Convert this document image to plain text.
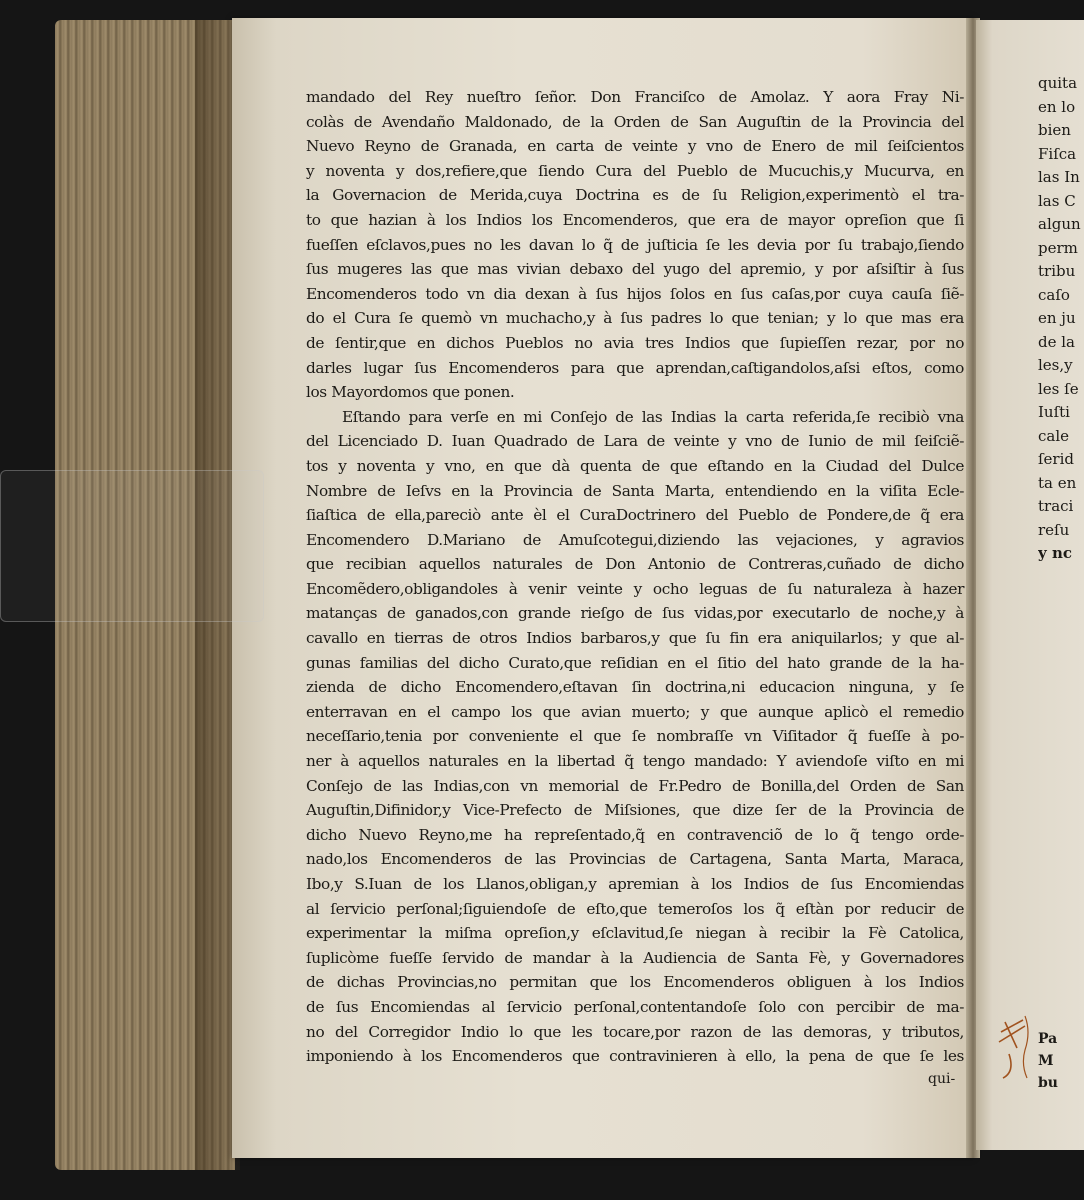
mandado del Rey nueſtro ſeñor. Don Franciſco de Amolaz. Y aora Fray Ni-
colàs de Avendaño Maldonado, de la Orden de San Auguſtin de la Provincia del
Nuevo Reyno de Granada, en carta de veinte y vno de Enero de mil ſeiſcientos
y noventa y dos,refiere,que ſiendo Cura del Pueblo de Mucuchis,y Mucurva, en
la Governacion de Merida,cuya Doctrina es de ſu Religion,experimentò el tra-
to que hazian à los Indios los Encomenderos, que era de mayor opreſion que ſi
fueſſen eſclavos,pues no les davan lo q̃ de juſticia ſe les devia por ſu trabajo,ſiendo
ſus mugeres las que mas vivian debaxo del yugo del apremio, y por aſsiſtir à ſus
Encomenderos todo vn dia dexan à ſus hijos ſolos en ſus caſas,por cuya cauſa ſiẽ-
do el Cura ſe quemò vn muchacho,y à ſus padres lo que tenian; y lo que mas era
de ſentir,que en dichos Pueblos no avia tres Indios que ſupieſſen rezar, por no
darles lugar ſus Encomenderos para que aprendan,caſtigandolos,aſsi eſtos, como
los Mayordomos que ponen.
Eſtando para verſe en mi Conſejo de las Indias la carta referida,ſe recibiò vna
del Licenciado D. Iuan Quadrado de Lara de veinte y vno de Iunio de mil ſeiſciẽ-
tos y noventa y vno, en que dà quenta de que eſtando en la Ciudad del Dulce
Nombre de Ieſvs en la Provincia de Santa Marta, entendiendo en la viſita Ecle-
ſiaſtica de ella,pareciò ante èl el CuraDoctrinero del Pueblo de Pondere,de q̃ era
Encomendero D.Mariano de Amuſcotegui,diziendo las vejaciones, y agravios
que recibian aquellos naturales de Don Antonio de Contreras,cuñado de dicho
Encomẽdero,obligandoles à venir veinte y ocho leguas de ſu naturaleza à hazer
matanças de ganados,con grande rieſgo de ſus vidas,por executarlo de noche,y à
cavallo en tierras de otros Indios barbaros,y que ſu fin era aniquilarlos; y que al-
gunas familias del dicho Curato,que reſidian en el ſitio del hato grande de la ha-
zienda de dicho Encomendero,eſtavan ſin doctrina,ni educacion ninguna, y ſe
enterravan en el campo los que avian muerto; y que aunque aplicò el remedio
neceſſario,tenia por conveniente el que ſe nombraſſe vn Viſitador q̃ fueſſe à po-
ner à aquellos naturales en la libertad q̃ tengo mandado: Y aviendoſe viſto en mi
Conſejo de las Indias,con vn memorial de Fr.Pedro de Bonilla,del Orden de San
Auguſtin,Difinidor,y Vice-Prefecto de Miſsiones, que dize ſer de la Provincia de
dicho Nuevo Reyno,me ha repreſentado,q̃ en contravenciõ de lo q̃ tengo orde-
nado,los Encomenderos de las Provincias de Cartagena, Santa Marta, Maraca,
Ibo,y S.Iuan de los Llanos,obligan,y apremian à los Indios de ſus Encomiendas
al ſervicio perſonal;ſiguiendoſe de eſto,que temeroſos los q̃ eſtàn por reducir de
experimentar la miſma opreſion,y eſclavitud,ſe niegan à recibir la Fè Catolica,
ſuplicòme fueſſe ſervido de mandar à la Audiencia de Santa Fè, y Governadores
de dichas Provincias,no permitan que los Encomenderos obliguen à los Indios
de ſus Encomiendas al ſervicio perſonal,contentandoſe ſolo con percibir de ma-
no del Corregidor Indio lo que les tocare,por razon de las demoras, y tributos,
imponiendo à los Encomenderos que contravinieren à ello, la pena de que ſe les
qui-
quita
en lo
bien
Fiſca
las In
las C
algun
perm
tribu
caſo
en ju
de la
les,y
les ſe
Iuſti
cale
ſerid
ta en
traci
reſu
y nc
Pa
M
bu
